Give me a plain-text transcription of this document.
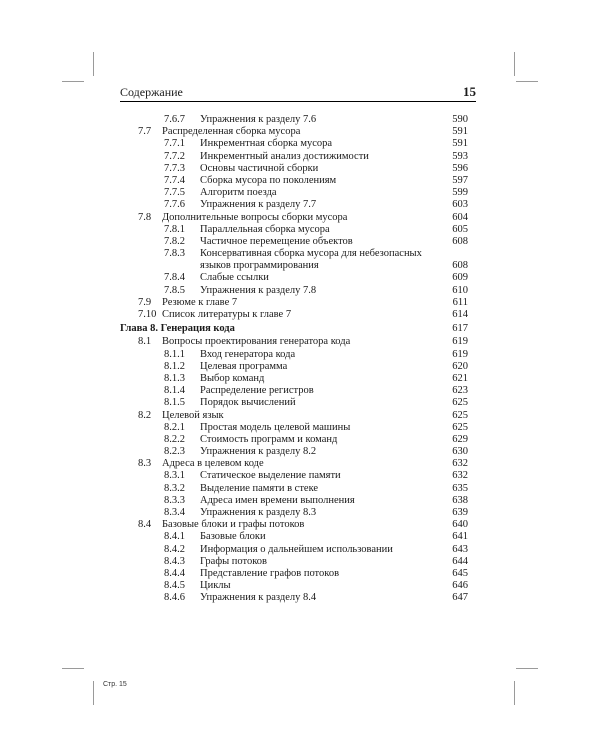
Содержание	15
7.6.7 Упражнения к разделу 7.6	590
7.7 Распределенная сборка мусора	591
7.7.1 Инкрементная сборка мусора	591
7.7.2 Инкрементный анализ достижимости	593
7.7.3 Основы частичной сборки	596
7.7.4 Сборка мусора по поколениям	597
7.7.5 Алгоритм поезда	599
7.7.6 Упражнения к разделу 7.7	603
7.8 Дополнительные вопросы сборки мусора	604
7.8.1 Параллельная сборка мусора	605
7.8.2 Частичное перемещение объектов	608
7.8.3 Консервативная сборка мусора для небезопасных
языков программирования	608
7.8.4 Слабые ссылки	609
7.8.5 Упражнения к разделу 7.8	610
7.9 Резюме к главе 7	611
7.10 Список литературы к главе 7	614
Глава 8. Генерация кода	617
8.1 Вопросы проектирования генератора кода	619
8.1.1 Вход генератора кода	619
8.1.2 Целевая программа	620
8.1.3 Выбор команд	621
8.1.4 Распределение регистров	623
8.1.5 Порядок вычислений	625
8.2 Целевой язык	625
8.2.1 Простая модель целевой машины	625
8.2.2 Стоимость программ и команд	629
8.2.3 Упражнения к разделу 8.2	630
8.3 Адреса в целевом коде	632
8.3.1 Статическое выделение памяти	632
8.3.2 Выделение памяти в стеке	635
8.3.3 Адреса имен времени выполнения	638
8.3.4 Упражнения к разделу 8.3	639
8.4 Базовые блоки и графы потоков	640
8.4.1 Базовые блоки	641
8.4.2 Информация о дальнейшем использовании	643
8.4.3 Графы потоков	644
8.4.4 Представление графов потоков	645
8.4.5 Циклы	646
8.4.6 Упражнения к разделу 8.4	647
Стр. 15
